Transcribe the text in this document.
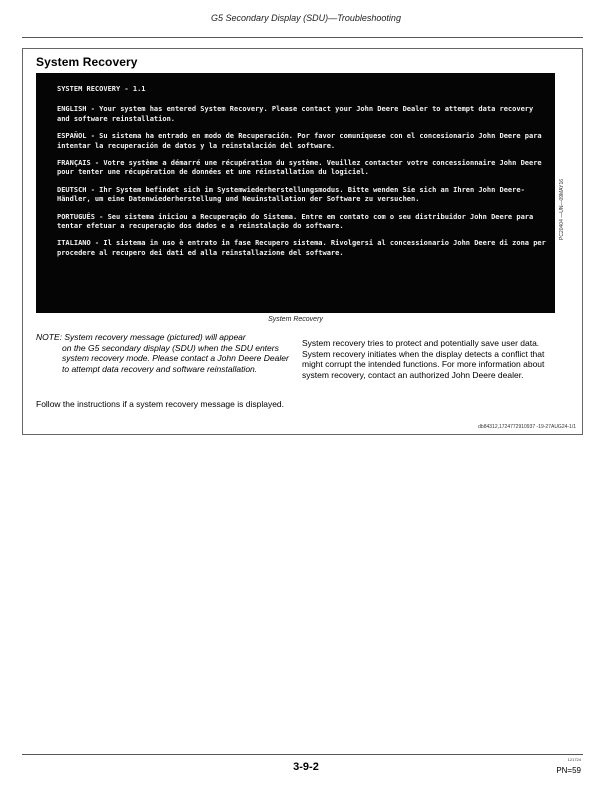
G5 Secondary Display (SDU)—Troubleshooting
System Recovery

SYSTEM RECOVERY - 1.1

ENGLISH - Your system has entered System Recovery. Please contact your John Deere Dealer to attempt data recovery and software reinstallation.

ESPAÑOL - Su sistema ha entrado en modo de Recuperación. Por favor comuníquese con el concesionario John Deere para intentar la recuperación de datos y la reinstalación del software.

FRANÇAIS - Votre système a démarré une récupération du système. Veuillez contacter votre concessionnaire John Deere pour tenter une récupération de données et une réinstallation du logiciel.

DEUTSCH - Ihr System befindet sich im Systemwiederherstellungsmodus. Bitte wenden Sie sich an Ihren John Deere-Händler, um eine Datenwiederherstellung und Neuinstallation der Software zu versuchen.

PORTUGUÊS - Seu sistema iniciou a Recuperação do Sistema. Entre em contato com o seu distribuidor John Deere para tentar efetuar a recuperação dos dados e a reinstalação do software.

ITALIANO - Il sistema in uso è entrato in fase Recupero sistema. Rivolgersi al concessionario John Deere di zona per procedere al recupero dei dati ed alla reinstallazione del software.

PC20404 —UN—09MAY16
System Recovery
NOTE: System recovery message (pictured) will appear
on the G5 secondary display (SDU) when the SDU enters system recovery mode. Please contact a John Deere Dealer to attempt data recovery and software reinstallation.
Follow the instructions if a system recovery message is displayed.
System recovery tries to protect and potentially save user data. System recovery initiates when the display detects a conflict that might corrupt the intended functions. For more information about system recovery, contact an authorized John Deere dealer.
db84312,1724772910937 -19-27AUG24-1/1
3-9-2
121724
PN=59
